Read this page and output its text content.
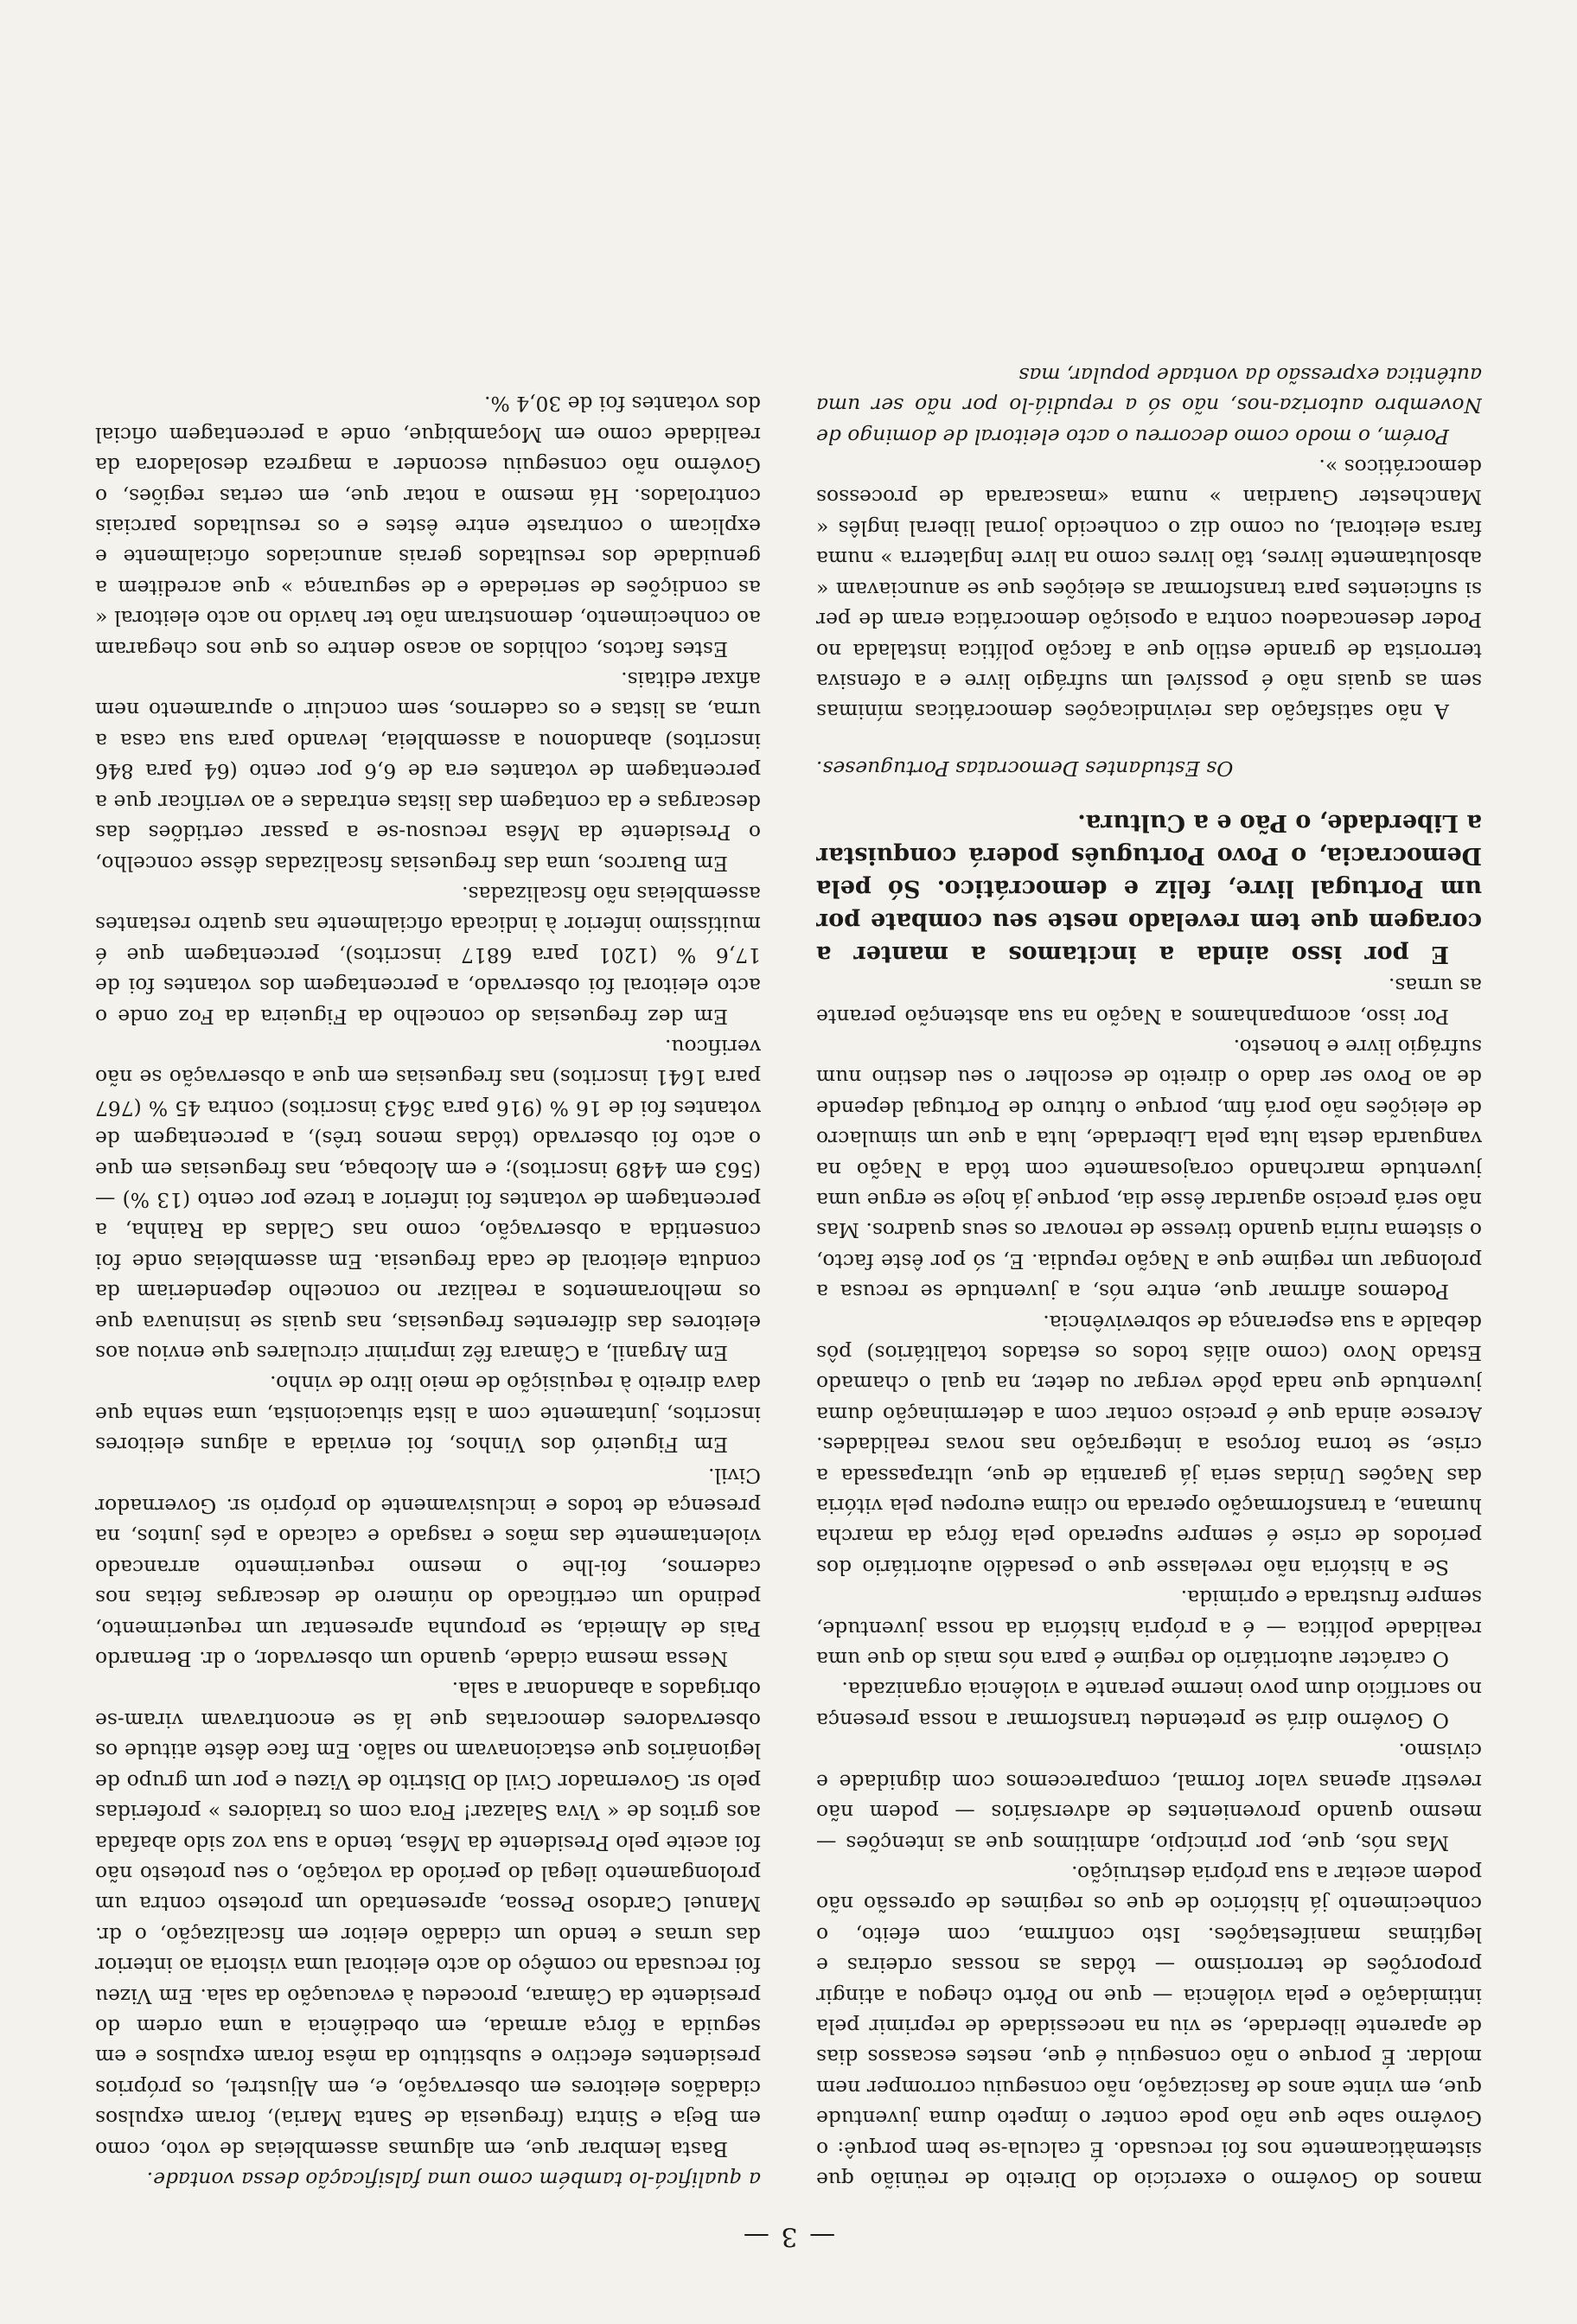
— 3 —

manos do Govêrno o exercício do Direito de reünião que sistemàticamente nos foi recusado. É calcula-se bem porquê: o Govêrno sabe que não pode conter o ímpeto duma juventude que, em vinte anos de fascização, não conseguiu corromper nem moldar. É porque o não conseguiu é que, nestes escassos dias de aparente liberdade, se viu na necessidade de reprimir pela intimidação e pela violência — que no Pôrto chegou a atingir proporções de terrorismo — tôdas as nossas ordeiras e legítimas manifestações. Isto confirma, com efeito, o conhecimento já histórico de que os regimes de opressão não podem aceitar a sua própria destruição.

Mas nós, que, por princípio, admitimos que as intenções — mesmo quando provenientes de adversários — podem não revestir apenas valor formal, comparecemos com dignidade e civismo.

O Govêrno dirá se pretendeu transformar a nossa presença no sacrifício dum povo inerme perante a violência organizada.

O carácter autoritário do regime é para nós mais do que uma realidade política — é a própria história da nossa juventude, sempre frustrada e oprimida.

Se a história não revelasse que o pesadêlo autoritário dos períodos de crise é sempre superado pela fôrça da marcha humana, a transformação operada no clima europeu pela vitória das Nações Unidas seria já garantia de que, ultrapassada a crise, se torna forçosa a integração nas novas realidades. Acresce ainda que é preciso contar com a determinação duma juventude que nada pôde vergar ou deter, na qual o chamado Estado Novo (como aliás todos os estados totalitários) pôs debalde a sua esperança de sobrevivência.

Podemos afirmar que, entre nós, a juventude se recusa a prolongar um regime que a Nação repudia. E, só por êste facto, o sistema ruíria quando tivesse de renovar os seus quadros. Mas não será preciso aguardar êsse dia, porque já hoje se ergue uma juventude marchando corajosamente com tôda a Nação na vanguarda desta luta pela Liberdade, luta a que um simulacro de eleições não porá fim, porque o futuro de Portugal depende de ao Povo ser dado o direito de escolher o seu destino num sufrágio livre e honesto.

Por isso, acompanhamos a Nação na sua abstenção perante as urnas.

E por isso ainda a incitamos a manter a coragem que tem revelado neste seu combate por um Portugal livre, feliz e democrático. Só pela Democracia, o Povo Português poderá conquistar a Liberdade, o Pão e a Cultura.

Os Estudantes Democratas Portugueses.

A não satisfação das reivindicações democráticas mínimas sem as quais não é possível um sufrágio livre e a ofensiva terrorista de grande estilo que a facção política instalada no Poder desencadeou contra a oposição democrática eram de per si suficientes para transformar as eleições que se anunciavam « absolutamente livres, tão livres como na livre Inglaterra » numa farsa eleitoral, ou como diz o conhecido jornal liberal inglês « Manchester Guardian » numa «mascarada de processos democráticos ».

Porém, o modo como decorreu o acto eleitoral de domingo de Novembro autoriza-nos, não só a repudiá-lo por não ser uma autêntica expressão da vontade popular, mas

a qualificá-lo também como uma falsificação dessa vontade.

Basta lembrar que, em algumas assembleias de voto, como em Beja e Sintra (freguesia de Santa Maria), foram expulsos cidadãos eleitores em observação, e, em Aljustrel, os próprios presidentes efectivo e substituto da mêsa foram expulsos e em seguida a fôrça armada, em obediência a uma ordem do presidente da Câmara, procedeu à evacuação da sala. Em Vizeu foi recusada no comêço do acto eleitoral uma vistoria ao interior das urnas e tendo um cidadão eleitor em fiscalização, o dr. Manuel Cardoso Pessoa, apresentado um protesto contra um prolongamento ilegal do período da votação, o seu protesto não foi aceite pelo Presidente da Mêsa, tendo a sua voz sido abafada aos gritos de « Viva Salazar! Fora com os traidores » proferidas pelo sr. Governador Civil do Distrito de Vizeu e por um grupo de legionários que estacionavam no salão. Em face dêste atitude os observadores democratas que lá se encontravam viram-se obrigados a abandonar a sala.

Nessa mesma cidade, quando um observador, o dr. Bernardo Pais de Almeida, se propunha apresentar um requerimento, pedindo um certificado do número de descargas feitas nos cadernos, foi-lhe o mesmo requerimento arrancado violentamente das mãos e rasgado e calcado a pés juntos, na presença de todos e inclusivamente do próprio sr. Governador Civil.

Em Figueiró dos Vinhos, foi enviada a alguns eleitores inscritos, juntamente com a lista situacionista, uma senha que dava direito à requisição de meio litro de vinho.

Em Arganil, a Câmara fêz imprimir circulares que enviou aos eleitores das diferentes freguesias, nas quais se insinuava que os melhoramentos a realizar no concelho dependeriam da conduta eleitoral de cada freguesia. Em assembleias onde foi consentida a observação, como nas Caldas da Rainha, a percentagem de votantes foi inferior a treze por cento (13 %) — (563 em 4489 inscritos); e em Alcobaça, nas freguesias em que o acto foi observado (tôdas menos três), a percentagem de votantes foi de 16 % (916 para 3643 inscritos) contra 45 % (767 para 1641 inscritos) nas freguesias em que a observação se não verificou.

Em dez freguesias do concelho da Figueira da Foz onde o acto eleitoral foi observado, a percentagem dos votantes foi de 17,6 % (1201 para 6817 inscritos), percentagem que é muitíssimo inferior à indicada oficialmente nas quatro restantes assembleias não fiscalizadas.

Em Buarcos, uma das freguesias fiscalizadas dêsse concelho, o Presidente da Mêsa recusou-se a passar certidões das descargas e da contagem das listas entradas e ao verificar que a percentagem de votantes era de 6,6 por cento (64 para 846 inscritos) abandonou a assembleia, levando para sua casa a urna, as listas e os cadernos, sem concluir o apuramento nem afixar editais.

Estes factos, colhidos ao acaso dentre os que nos chegaram ao conhecimento, demonstram não ter havido no acto eleitoral « as condições de seriedade e de segurança » que acreditem a genuidade dos resultados gerais anunciados oficialmente e explicam o contraste entre êstes e os resultados parciais controlados. Há mesmo a notar que, em certas regiões, o Govêrno não conseguiu esconder a magreza desoladora da realidade como em Moçambique, onde a percentagem oficial dos votantes foi de 30,4 %.
